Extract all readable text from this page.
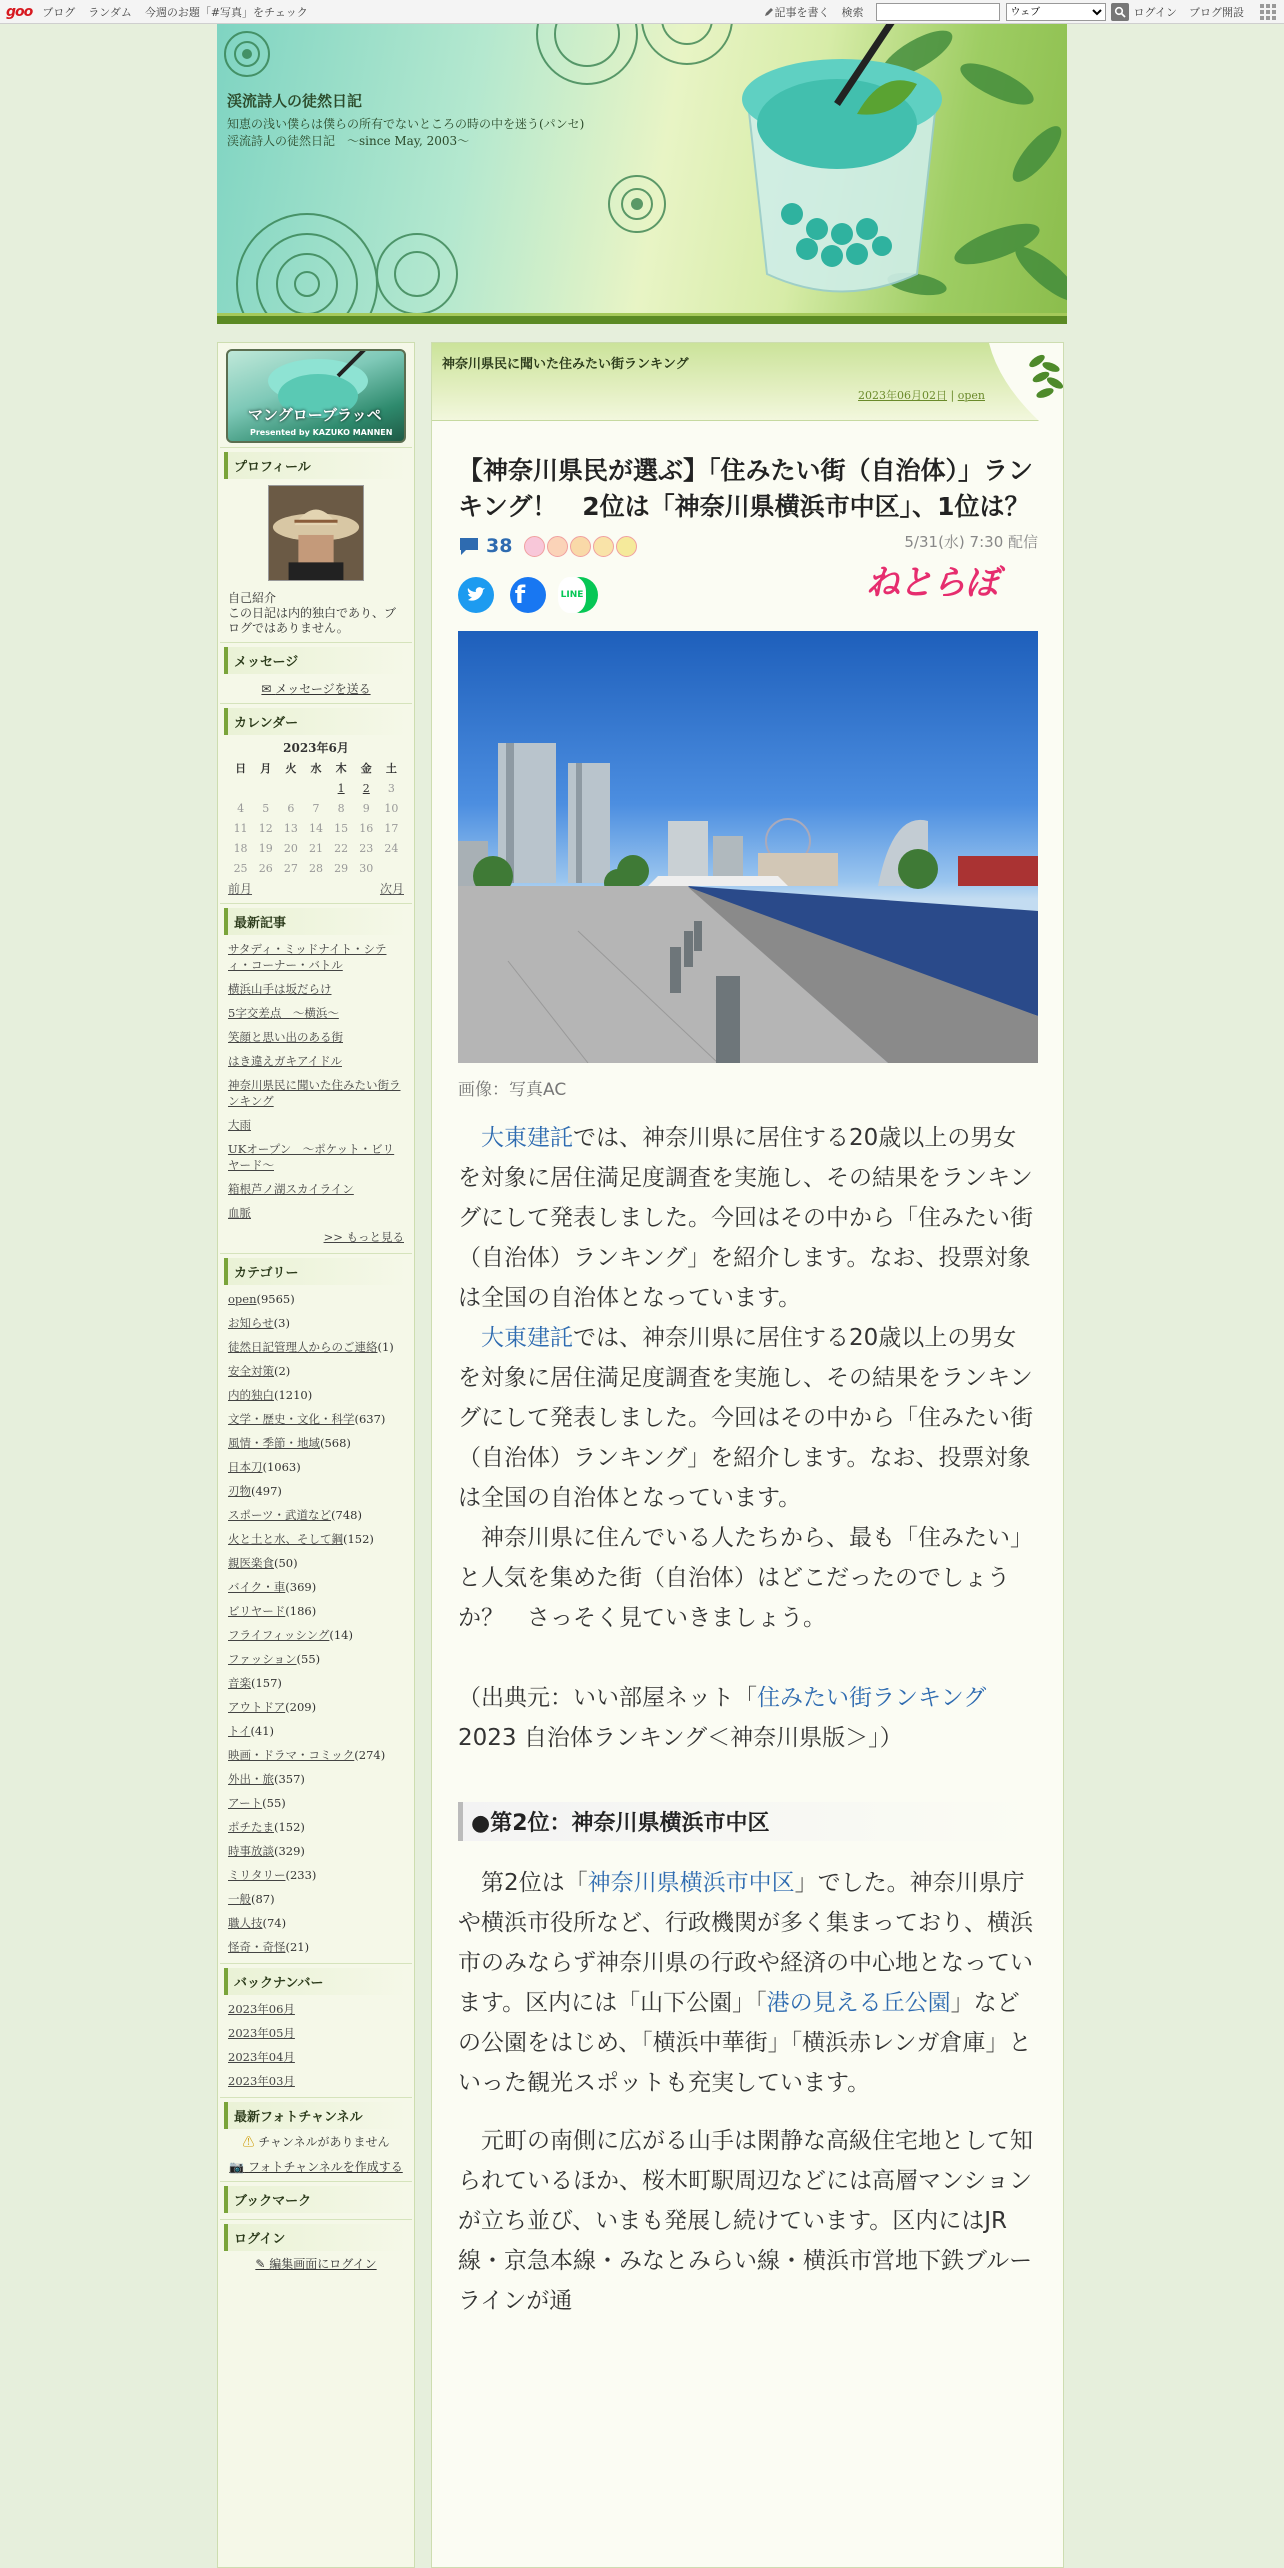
goo ブログ ランダム 今週のお題「#写真」をチェック	記事を書く 検索
ウェブ	ログイン ブログ開設
渓流詩人の徒然日記
知恵の浅い僕らは僕らの所有でないところの時の中を迷う(パンセ)　渓流詩人の徒然日記　～since May, 2003～
マングローブラッペ
Presented by KAZUKO MANNEN
プロフィール
自己紹介
この日記は内的独白であり、ブログではありません。
メッセージ
✉ メッセージを送る
カレンダー
2023年6月
日	月	火	水	木	金	土
				1	2	3
4	5	6	7	8	9	10
11	12	13	14	15	16	17
18	19	20	21	22	23	24
25	26	27	28	29	30	
前月	次月
最新記事
サタディ・ミッドナイト・シティ・コーナー・バトル
横浜山手は坂だらけ
5字交差点　〜横浜〜
笑顔と思い出のある街
はき違えガキアイドル
神奈川県民に聞いた住みたい街ランキング
大雨
UKオープン　〜ポケット・ビリヤード〜
箱根芦ノ湖スカイライン
血脈
>> もっと見る
カテゴリー
open(9565)
お知らせ(3)
徒然日記管理人からのご連絡(1)
安全対策(2)
内的独白(1210)
文学・歴史・文化・科学(637)
風情・季節・地域(568)
日本刀(1063)
刃物(497)
スポーツ・武道など(748)
火と土と水、そして鋼(152)
親医楽食(50)
バイク・車(369)
ビリヤード(186)
フライフィッシング(14)
ファッション(55)
音楽(157)
アウトドア(209)
トイ(41)
映画・ドラマ・コミック(274)
外出・旅(357)
アート(55)
ポチたま(152)
時事放談(329)
ミリタリー(233)
一般(87)
職人技(74)
怪奇・奇怪(21)
バックナンバー
2023年06月
2023年05月
2023年04月
2023年03月
最新フォトチャンネル
⚠ チャンネルがありません
📷 フォトチャンネルを作成する
ブックマーク
ログイン
✎ 編集画面にログイン
神奈川県民に聞いた住みたい街ランキング
2023年06月02日 | open
【神奈川県民が選ぶ】「住みたい街（自治体）」ランキング！　2位は「神奈川県横浜市中区」、1位は？
38	5/31(水) 7:30 配信
ねとらぼ
f	LINE
画像：写真AC
大東建託では、神奈川県に居住する20歳以上の男女を対象に居住満足度調査を実施し、その結果をランキングにして発表しました。今回はその中から「住みたい街（自治体）ランキング」を紹介します。なお、投票対象は全国の自治体となっています。
大東建託では、神奈川県に居住する20歳以上の男女を対象に居住満足度調査を実施し、その結果をランキングにして発表しました。今回はその中から「住みたい街（自治体）ランキング」を紹介します。なお、投票対象は全国の自治体となっています。
神奈川県に住んでいる人たちから、最も「住みたい」と人気を集めた街（自治体）はどこだったのでしょうか？　さっそく見ていきましょう。
（出典元：いい部屋ネット「住みたい街ランキング2023 自治体ランキング＜神奈川県版＞」）
●第2位：神奈川県横浜市中区
第2位は「神奈川県横浜市中区」でした。神奈川県庁や横浜市役所など、行政機関が多く集まっており、横浜市のみならず神奈川県の行政や経済の中心地となっています。区内には「山下公園」「港の見える丘公園」などの公園をはじめ、「横浜中華街」「横浜赤レンガ倉庫」といった観光スポットも充実しています。
元町の南側に広がる山手は閑静な高級住宅地として知られているほか、桜木町駅周辺などには高層マンションが立ち並び、いまも発展し続けています。区内にはJR線・京急本線・みなとみらい線・横浜市営地下鉄ブルーラインが通
